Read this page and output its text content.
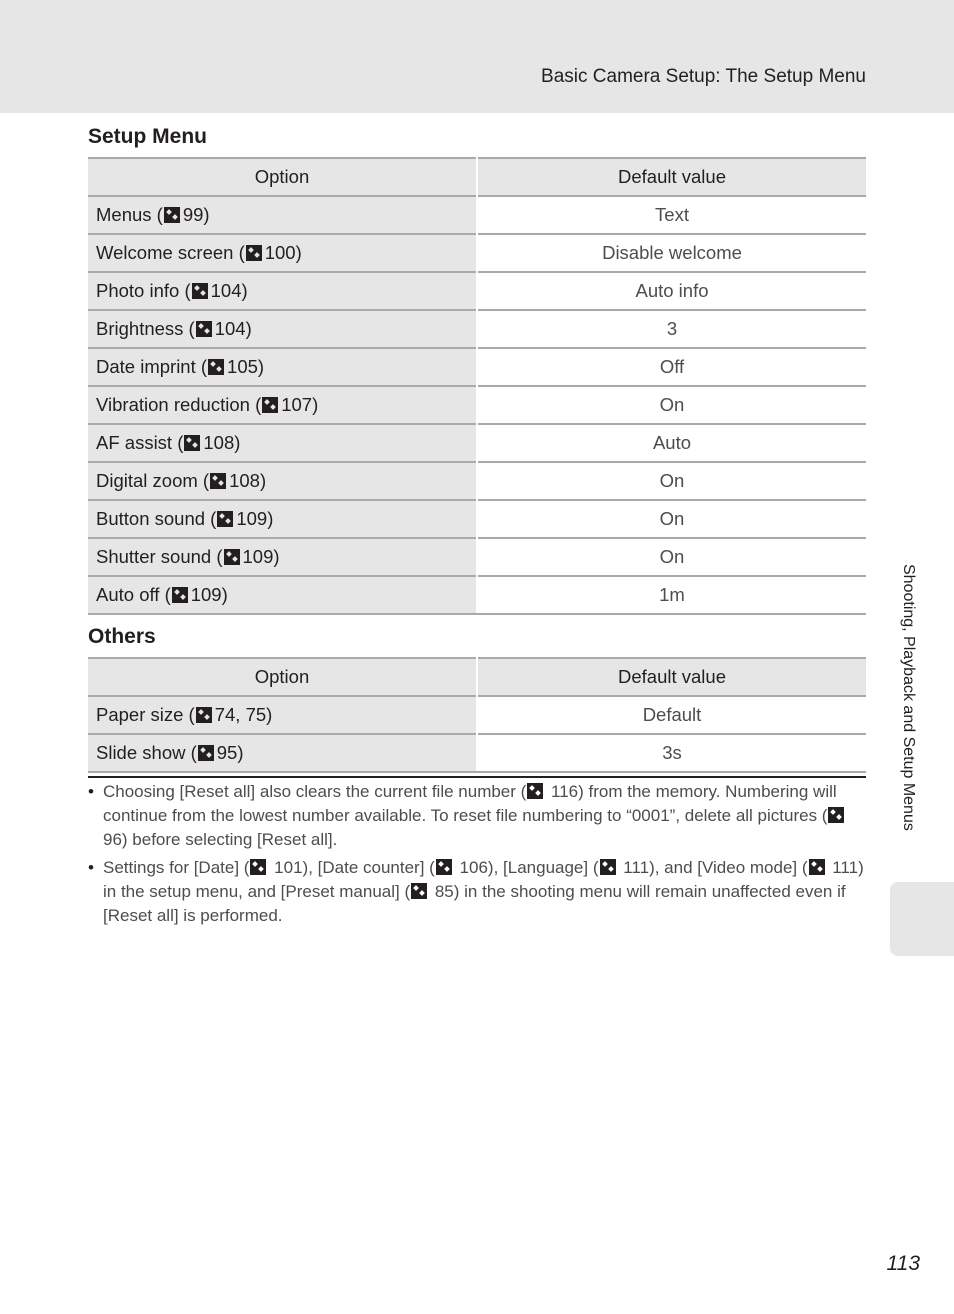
Basic Camera Setup: The Setup Menu
Setup Menu
Option	Default value
Menus ( 99)	Text
Welcome screen ( 100)	Disable welcome
Photo info ( 104)	Auto info
Brightness ( 104)	3
Date imprint ( 105)	Off
Vibration reduction ( 107)	On
AF assist ( 108)	Auto
Digital zoom ( 108)	On
Button sound ( 109)	On
Shutter sound ( 109)	On
Auto off ( 109)	1m
Others
Option	Default value
Paper size ( 74, 75)	Default
Slide show ( 95)	3s
• Choosing [Reset all] also clears the current file number ( 116) from the memory. Numbering will continue from the lowest number available. To reset file numbering to “0001”, delete all pictures ( 96) before selecting [Reset all].
• Settings for [Date] ( 101), [Date counter] ( 106), [Language] ( 111), and [Video mode] ( 111) in the setup menu, and [Preset manual] ( 85) in the shooting menu will remain unaffected even if [Reset all] is performed.
Shooting, Playback and Setup Menus
113
